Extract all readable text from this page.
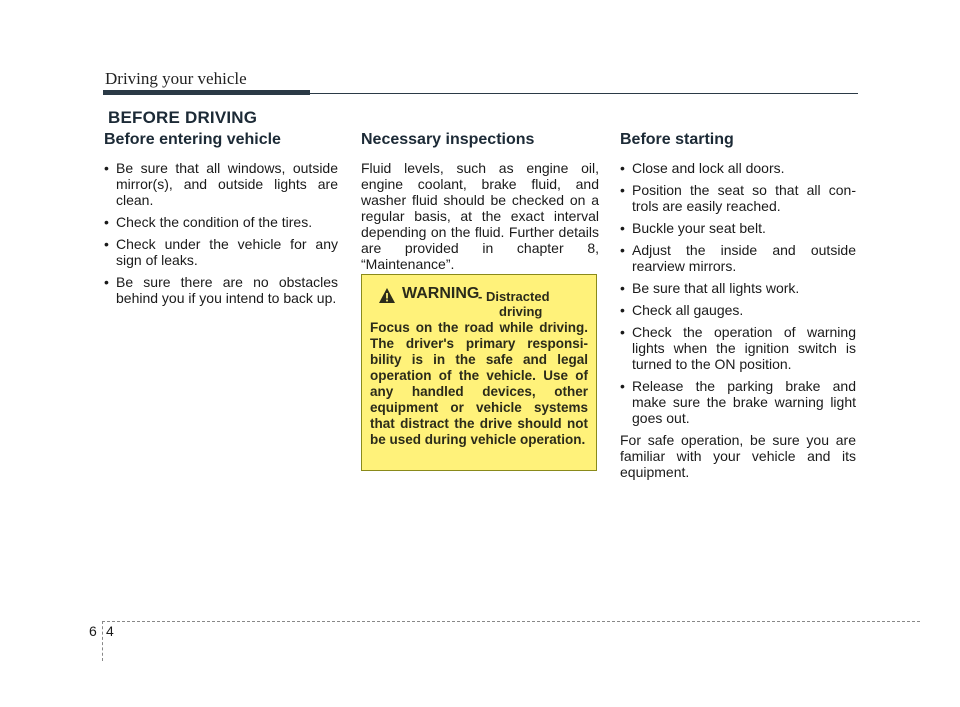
Driving your vehicle
BEFORE DRIVING
Before entering vehicle
• Be sure that all windows, outside mirror(s), and outside lights are clean.
• Check the condition of the tires.
• Check under the vehicle for any sign of leaks.
• Be sure there are no obstacles behind you if you intend to back up.
Necessary inspections

Fluid levels, such as engine oil, engine coolant, brake fluid, and washer fluid should be checked on a regular basis, at the exact interval depending on the fluid. Further details are provided in chapter 8, “Maintenance”.

WARNING
- Distracted
driving

Focus on the road while driving. The driver's primary responsi-bility is in the safe and legal operation of the vehicle. Use of any handled devices, other equipment or vehicle systems that distract the drive should not be used during vehicle operation.

Before starting
• Close and lock all doors.
• Position the seat so that all con-trols are easily reached.
• Buckle your seat belt.
• Adjust the inside and outside rearview mirrors.
• Be sure that all lights work.
• Check all gauges.
• Check the operation of warning lights when the ignition switch is turned to the ON position.
• Release the parking brake and make sure the brake warning light goes out.

For safe operation, be sure you are familiar with your vehicle and its equipment.

6 4
